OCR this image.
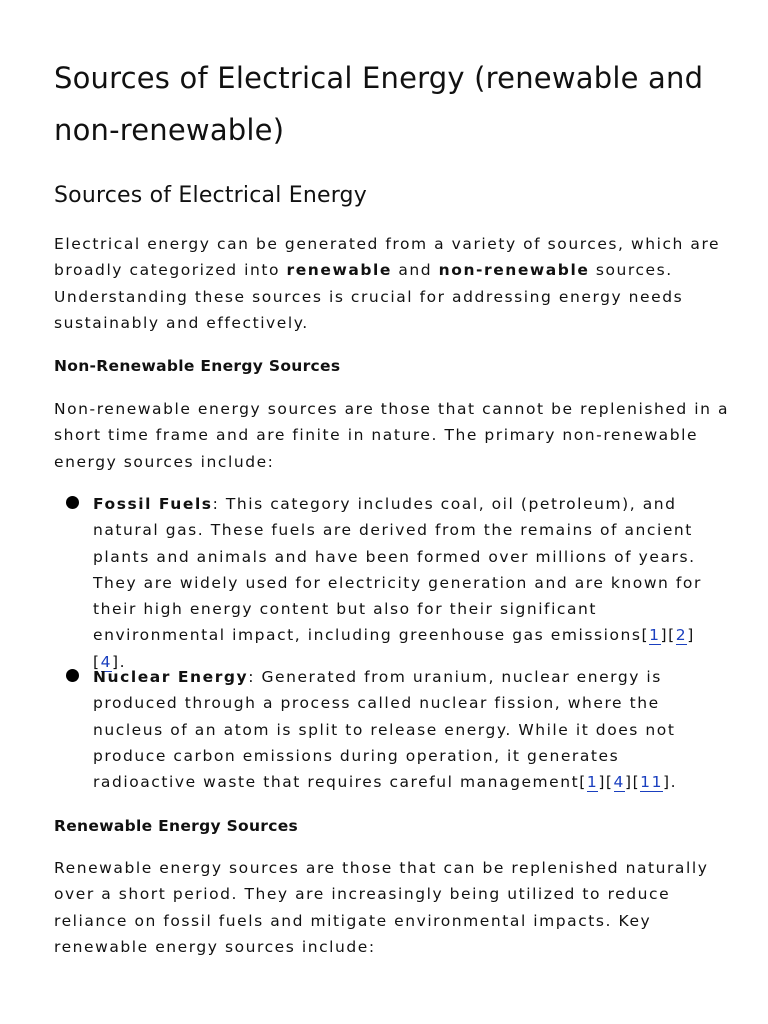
Sources of Electrical Energy (renewable and non-renewable)
Sources of Electrical Energy

Electrical energy can be generated from a variety of sources, which are broadly categorized into renewable and non-renewable sources. Understanding these sources is crucial for addressing energy needs sustainably and effectively.

Non-Renewable Energy Sources

Non-renewable energy sources are those that cannot be replenished in a short time frame and are finite in nature. The primary non-renewable energy sources include:

Fossil Fuels: This category includes coal, oil (petroleum), and natural gas. These fuels are derived from the remains of ancient plants and animals and have been formed over millions of years. They are widely used for electricity generation and are known for their high energy content but also for their significant environmental impact, including greenhouse gas emissions[1][2][4].

Nuclear Energy: Generated from uranium, nuclear energy is produced through a process called nuclear fission, where the nucleus of an atom is split to release energy. While it does not produce carbon emissions during operation, it generates radioactive waste that requires careful management[1][4][11].

Renewable Energy Sources

Renewable energy sources are those that can be replenished naturally over a short period. They are increasingly being utilized to reduce reliance on fossil fuels and mitigate environmental impacts. Key renewable energy sources include:
